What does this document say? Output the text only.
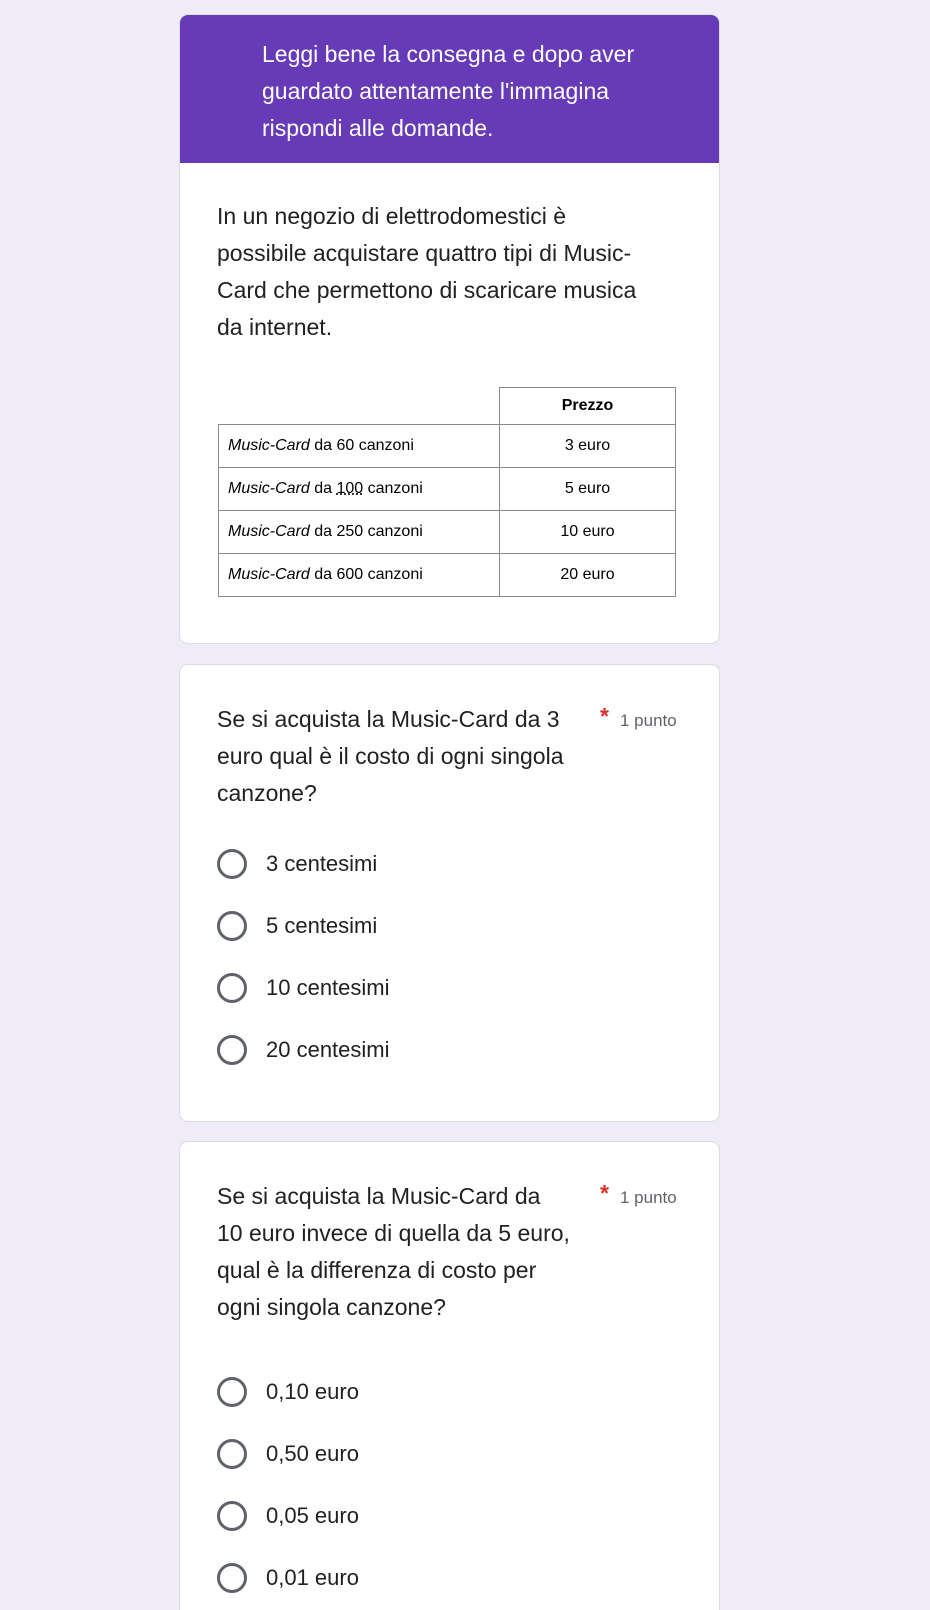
Leggi bene la consegna e dopo aver
guardato attentamente l'immagina
rispondi alle domande.
In un negozio di elettrodomestici è
possibile acquistare quattro tipi di Music-
Card che permettono di scaricare musica
da internet.
	Prezzo
Music-Card da 60 canzoni	3 euro
Music-Card da 100 canzoni	5 euro
Music-Card da 250 canzoni	10 euro
Music-Card da 600 canzoni	20 euro
Se si acquista la Music-Card da 3
euro qual è il costo di ogni singola
canzone?
* 1 punto
3 centesimi
5 centesimi
10 centesimi
20 centesimi
Se si acquista la Music-Card da
10 euro invece di quella da 5 euro,
qual è la differenza di costo per
ogni singola canzone?
* 1 punto
0,10 euro
0,50 euro
0,05 euro
0,01 euro
